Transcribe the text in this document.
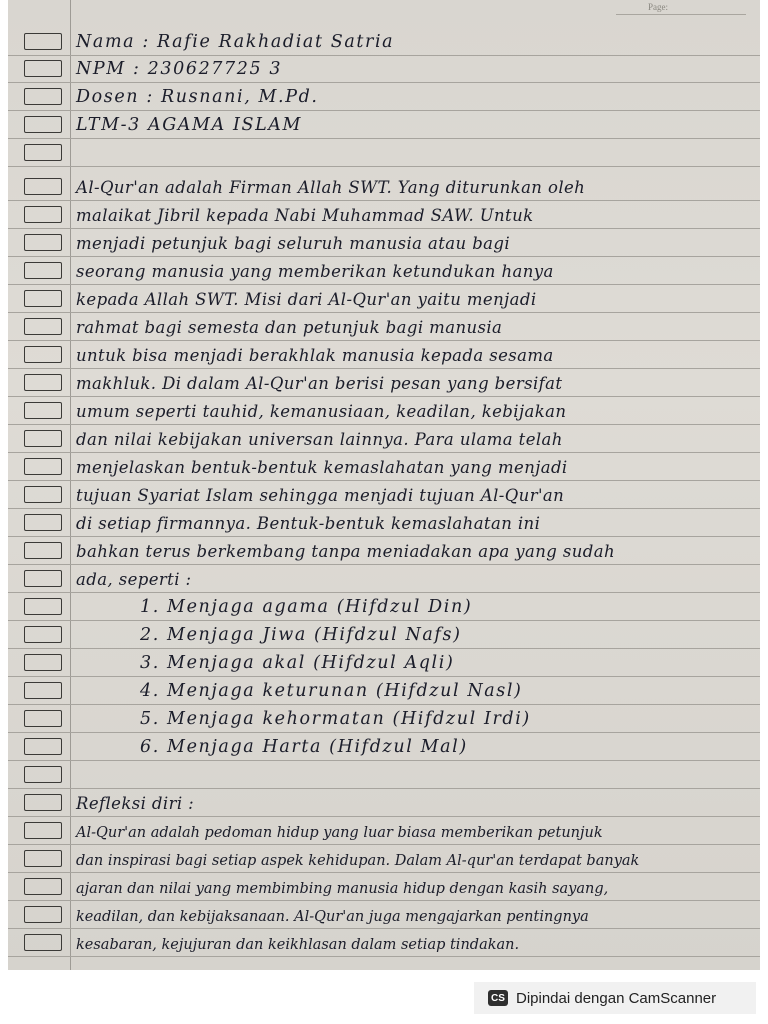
Page:
Nama : Rafie Rakhadiat Satria
NPM : 230627725 3
Dosen : Rusnani, M.Pd.
LTM-3 AGAMA ISLAM
Al-Qur'an adalah Firman Allah SWT. Yang diturunkan oleh
malaikat Jibril kepada Nabi Muhammad SAW. Untuk
menjadi petunjuk bagi seluruh manusia atau bagi
seorang manusia yang memberikan ketundukan hanya
kepada Allah SWT. Misi dari Al-Qur'an yaitu menjadi
rahmat bagi semesta dan petunjuk bagi manusia
untuk bisa menjadi berakhlak manusia kepada sesama
makhluk. Di dalam Al-Qur'an berisi pesan yang bersifat
umum seperti tauhid, kemanusiaan, keadilan, kebijakan
dan nilai kebijakan universan lainnya. Para ulama telah
menjelaskan bentuk-bentuk kemaslahatan yang menjadi
tujuan Syariat Islam sehingga menjadi tujuan Al-Qur'an
di setiap firmannya. Bentuk-bentuk kemaslahatan ini
bahkan terus berkembang tanpa meniadakan apa yang sudah
ada, seperti :
1. Menjaga agama (Hifdzul Din)
2. Menjaga Jiwa (Hifdzul Nafs)
3. Menjaga akal (Hifdzul Aqli)
4. Menjaga keturunan (Hifdzul Nasl)
5. Menjaga kehormatan (Hifdzul Irdi)
6. Menjaga Harta (Hifdzul Mal)
Refleksi diri :
Al-Qur'an adalah pedoman hidup yang luar biasa memberikan petunjuk
dan inspirasi bagi setiap aspek kehidupan. Dalam Al-qur'an terdapat banyak
ajaran dan nilai yang membimbing manusia hidup dengan kasih sayang,
keadilan, dan kebijaksanaan. Al-Qur'an juga mengajarkan pentingnya
kesabaran, kejujuran dan keikhlasan dalam setiap tindakan.
CS Dipindai dengan CamScanner
